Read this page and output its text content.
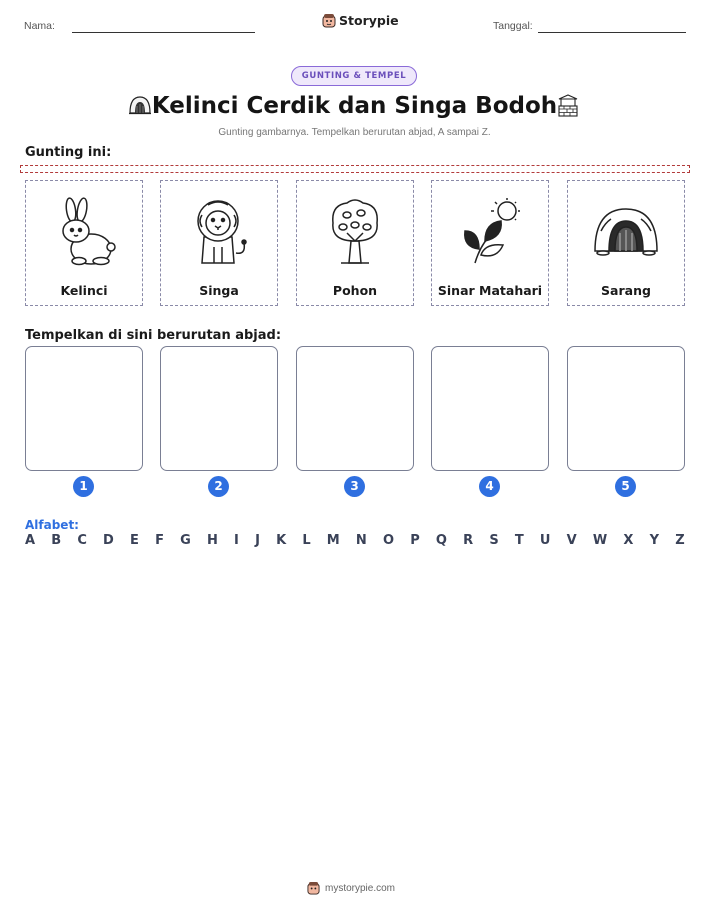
Nama:	Storypie	Tanggal:
GUNTING & TEMPEL
Kelinci Cerdik dan Singa Bodoh
Gunting gambarnya. Tempelkan berurutan abjad, A sampai Z.
Gunting ini:
Kelinci	Singa	Pohon	Sinar Matahari	Sarang
Tempelkan di sini berurutan abjad:
1	2	3	4	5
Alfabet:
A B C D E F G H I J K L M N O P Q R S T U V W X Y Z
mystorypie.com
